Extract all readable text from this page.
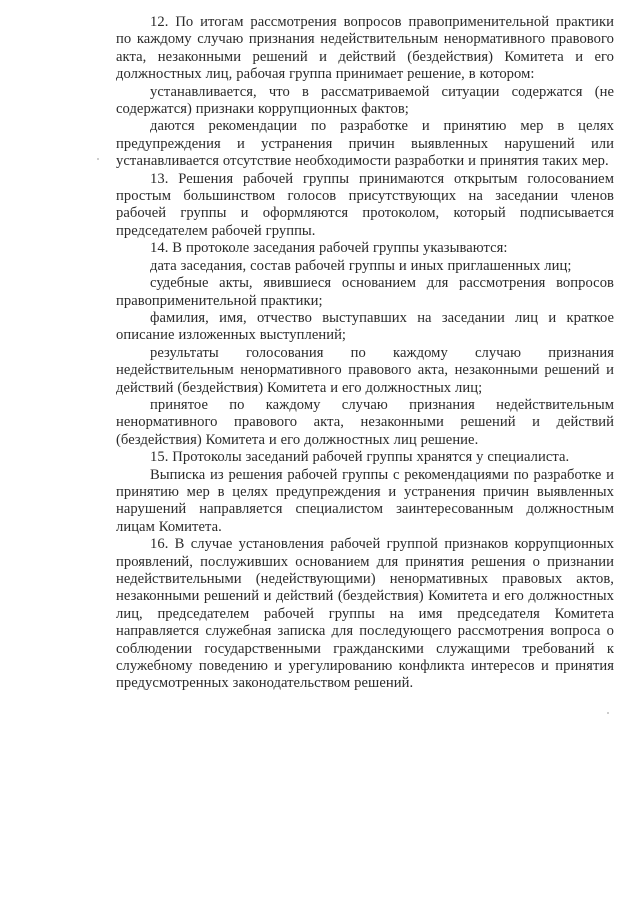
12. По итогам рассмотрения вопросов правоприменительной практики по каждому случаю признания недействительным ненормативного правового акта, незаконными решений и действий (бездействия) Комитета и его должностных лиц, рабочая группа принимает решение, в котором:

устанавливается, что в рассматриваемой ситуации содержатся (не содержатся) признаки коррупционных фактов;

даются рекомендации по разработке и принятию мер в целях предупреждения и устранения причин выявленных нарушений или устанавливается отсутствие необходимости разработки и принятия таких мер.

13. Решения рабочей группы принимаются открытым голосованием простым большинством голосов присутствующих на заседании членов рабочей группы и оформляются протоколом, который подписывается председателем рабочей группы.

14. В протоколе заседания рабочей группы указываются:

дата заседания, состав рабочей группы и иных приглашенных лиц;

судебные акты, явившиеся основанием для рассмотрения вопросов правоприменительной практики;

фамилия, имя, отчество выступавших на заседании лиц и краткое описание изложенных выступлений;

результаты голосования по каждому случаю признания недействительным ненормативного правового акта, незаконными решений и действий (бездействия) Комитета и его должностных лиц;

принятое по каждому случаю признания недействительным ненормативного правового акта, незаконными решений и действий (бездействия) Комитета и его должностных лиц решение.

15. Протоколы заседаний рабочей группы хранятся у специалиста.

Выписка из решения рабочей группы с рекомендациями по разработке и принятию мер в целях предупреждения и устранения причин выявленных нарушений направляется специалистом заинтересованным должностным лицам Комитета.

16. В случае установления рабочей группой признаков коррупционных проявлений, послуживших основанием для принятия решения о признании недействительными (недействующими) ненормативных правовых актов, незаконными решений и действий (бездействия) Комитета и его должностных лиц, председателем рабочей группы на имя председателя Комитета направляется служебная записка для последующего рассмотрения вопроса о соблюдении государственными гражданскими служащими требований к служебному поведению и урегулированию конфликта интересов и принятия предусмотренных законодательством решений.
